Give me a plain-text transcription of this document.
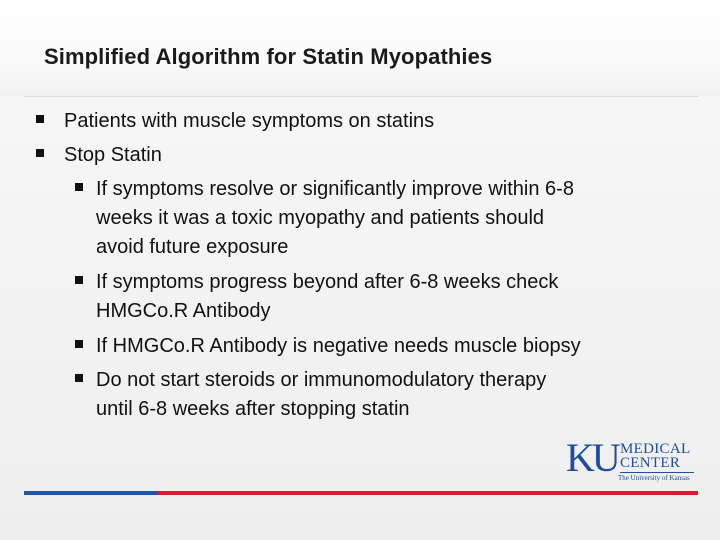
Simplified Algorithm for Statin Myopathies
Patients with muscle symptoms on statins
Stop Statin
If symptoms resolve or significantly improve within 6-8
weeks it was a toxic myopathy and patients should
avoid future exposure
If symptoms progress beyond after 6-8 weeks check
HMGCo.R Antibody
If HMGCo.R Antibody is negative needs muscle biopsy
Do not start steroids or immunomodulatory therapy
until 6-8 weeks after stopping statin
KU MEDICAL
CENTER
The University of Kansas
